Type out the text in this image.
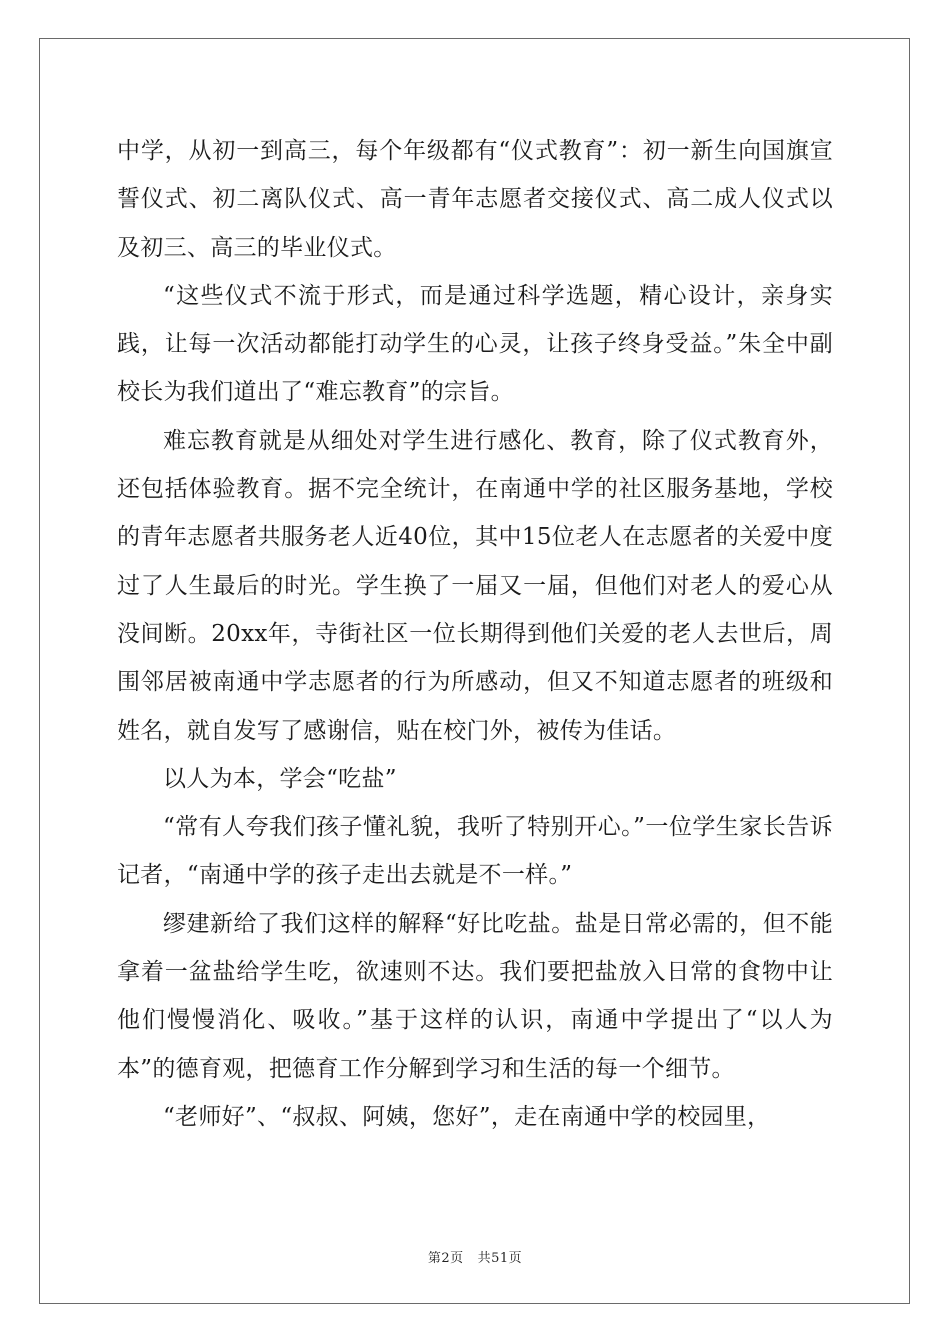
中学，从初一到高三，每个年级都有“仪式教育”：初一新生向国旗宣誓仪式、初二离队仪式、高一青年志愿者交接仪式、高二成人仪式以及初三、高三的毕业仪式。

“这些仪式不流于形式，而是通过科学选题，精心设计，亲身实践，让每一次活动都能打动学生的心灵，让孩子终身受益。”朱全中副校长为我们道出了“难忘教育”的宗旨。

难忘教育就是从细处对学生进行感化、教育，除了仪式教育外，还包括体验教育。据不完全统计，在南通中学的社区服务基地，学校的青年志愿者共服务老人近40位，其中15位老人在志愿者的关爱中度过了人生最后的时光。学生换了一届又一届，但他们对老人的爱心从没间断。20xx年，寺街社区一位长期得到他们关爱的老人去世后，周围邻居被南通中学志愿者的行为所感动，但又不知道志愿者的班级和姓名，就自发写了感谢信，贴在校门外，被传为佳话。

以人为本，学会“吃盐”

“常有人夸我们孩子懂礼貌，我听了特别开心。”一位学生家长告诉记者，“南通中学的孩子走出去就是不一样。”

缪建新给了我们这样的解释“好比吃盐。盐是日常必需的，但不能拿着一盆盐给学生吃，欲速则不达。我们要把盐放入日常的食物中让他们慢慢消化、吸收。”基于这样的认识，南通中学提出了“以人为本”的德育观，把德育工作分解到学习和生活的每一个细节。

“老师好”、“叔叔、阿姨，您好”，走在南通中学的校园里，

第2页 共51页
